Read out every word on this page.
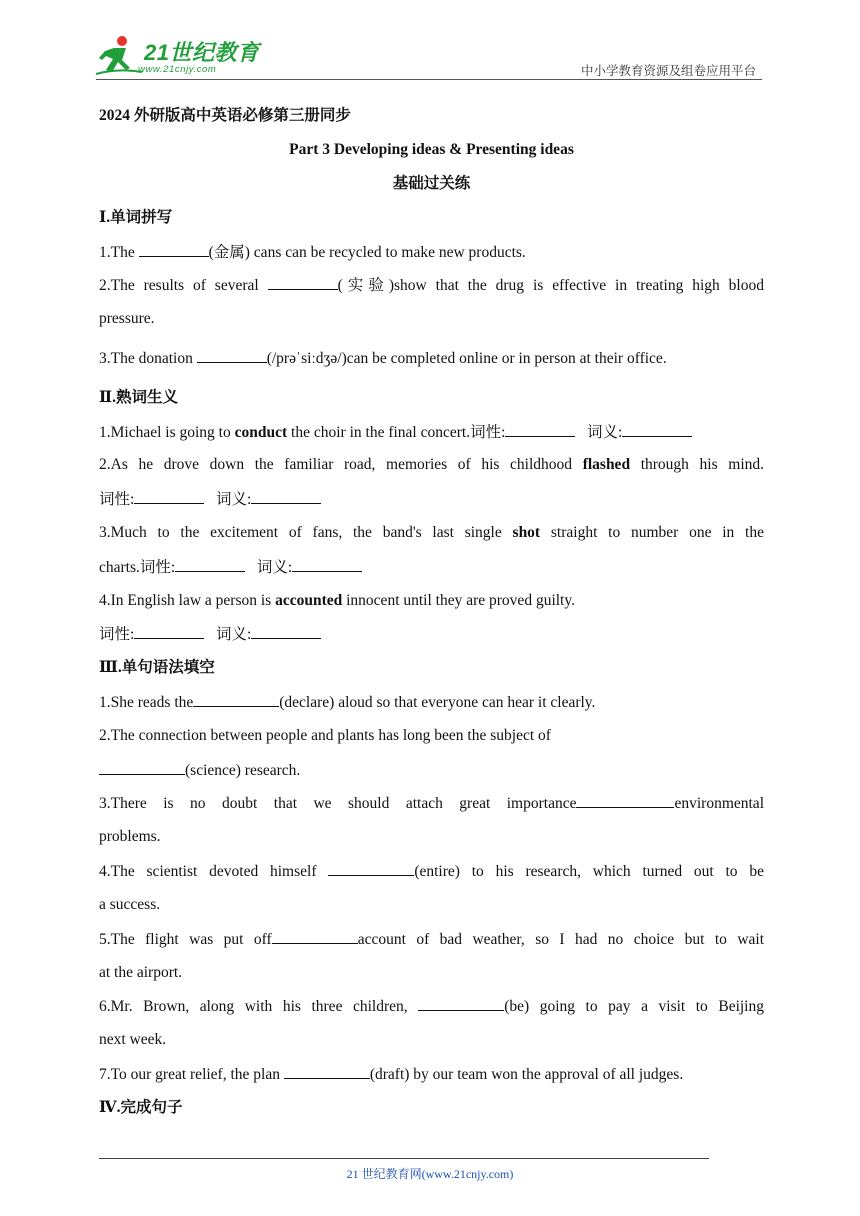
21世纪教育
www.21cnjy.com	中小学教育资源及组卷应用平台
2024 外研版高中英语必修第三册同步
Part 3 Developing ideas & Presenting ideas
基础过关练
Ⅰ.单词拼写
1.The	(金属) cans can be recycled to make new products.
2.The results of several	(实验)show that the drug is effective in treating high blood
pressure.
3.The donation	(/prəˈsiːdʒə/)can be completed online or in person at their office.
Ⅱ.熟词生义
1.Michael is going to conduct the choir in the final concert.词性:	词义:
2.As he drove down the familiar road, memories of his childhood flashed through his mind.
词性:	词义:
3.Much to the excitement of fans, the band's last single shot straight to number one in the
charts.词性:	词义:
4.In English law a person is accounted innocent until they are proved guilty.
词性:	词义:
Ⅲ.单句语法填空
1.She reads the	(declare) aloud so that everyone can hear it clearly.
2.The connection between people and plants has long been the subject of
(science) research.
3.There is no doubt that we should attach great importance	environmental
problems.
4.The scientist devoted himself	(entire) to his research, which turned out to be
a success.
5.The flight was put off	account of bad weather, so I had no choice but to wait
at the airport.
6.Mr. Brown, along with his three children,	(be) going to pay a visit to Beijing
next week.
7.To our great relief, the plan	(draft) by our team won the approval of all judges.
Ⅳ.完成句子
21 世纪教育网(www.21cnjy.com)
